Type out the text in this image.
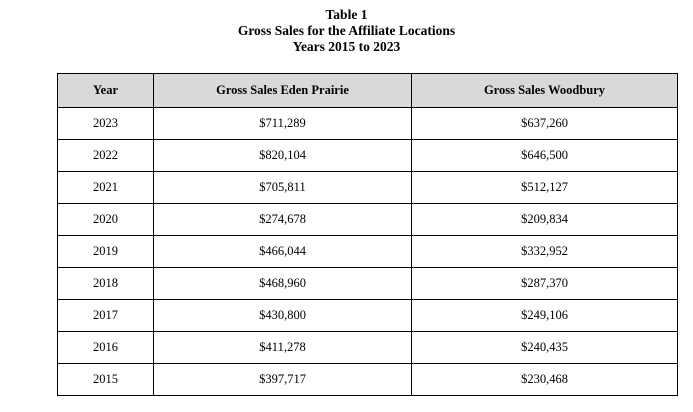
Table 1
Gross Sales for the Affiliate Locations
Years 2015 to 2023
Year	Gross Sales Eden Prairie	Gross Sales Woodbury
2023	$711,289	$637,260
2022	$820,104	$646,500
2021	$705,811	$512,127
2020	$274,678	$209,834
2019	$466,044	$332,952
2018	$468,960	$287,370
2017	$430,800	$249,106
2016	$411,278	$240,435
2015	$397,717	$230,468
